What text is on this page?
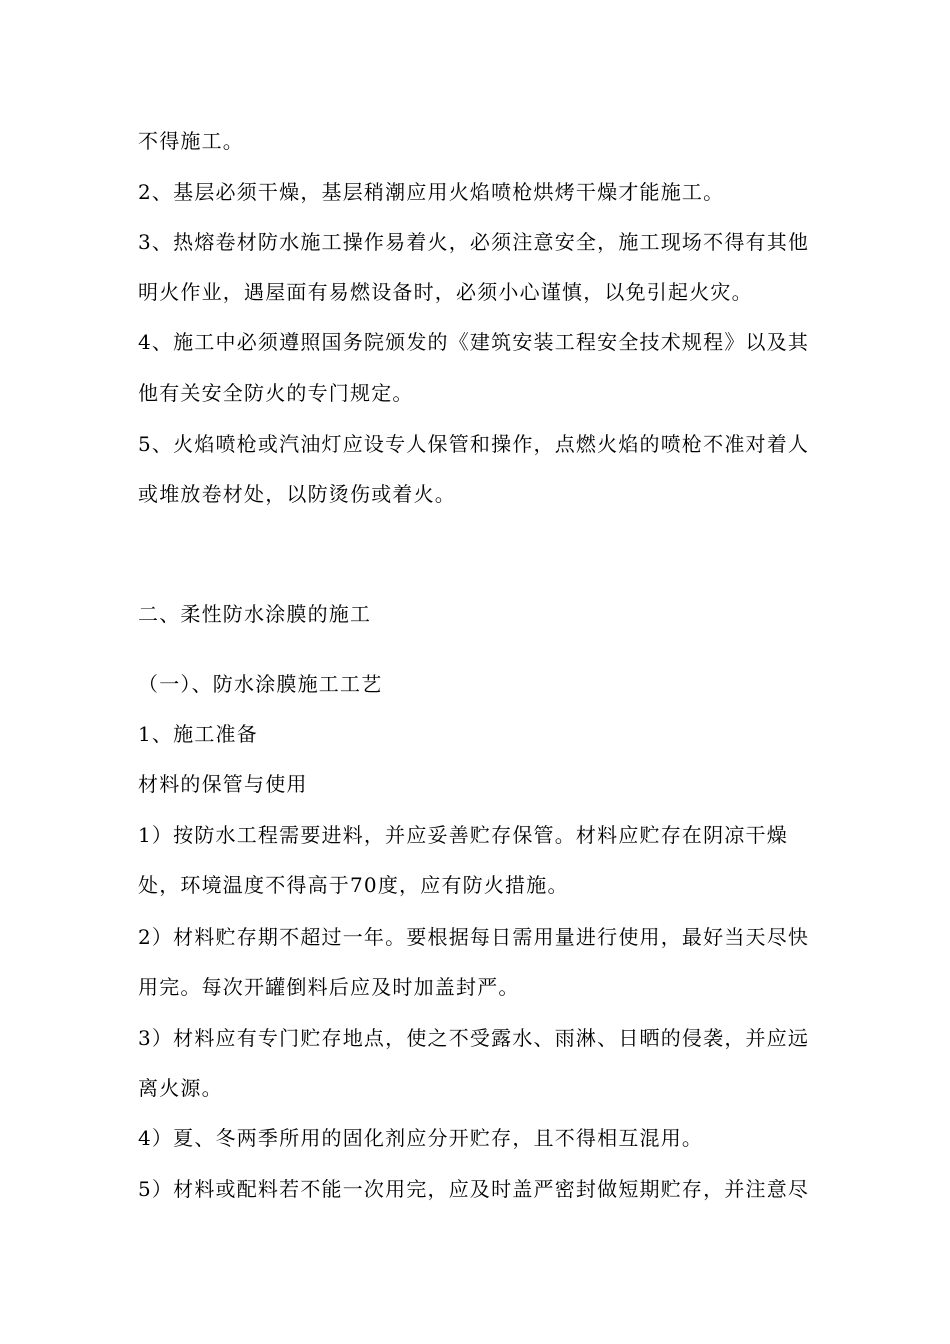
不得施工。
2、基层必须干燥，基层稍潮应用火焰喷枪烘烤干燥才能施工。
3、热熔卷材防水施工操作易着火，必须注意安全，施工现场不得有其他
明火作业，遇屋面有易燃设备时，必须小心谨慎，以免引起火灾。
4、施工中必须遵照国务院颁发的《建筑安装工程安全技术规程》以及其
他有关安全防火的专门规定。
5、火焰喷枪或汽油灯应设专人保管和操作，点燃火焰的喷枪不准对着人
或堆放卷材处，以防烫伤或着火。
二、柔性防水涂膜的施工
（一）、防水涂膜施工工艺
1、施工准备
材料的保管与使用
1）按防水工程需要进料，并应妥善贮存保管。材料应贮存在阴凉干燥
处，环境温度不得高于70度，应有防火措施。
2）材料贮存期不超过一年。要根据每日需用量进行使用，最好当天尽快
用完。每次开罐倒料后应及时加盖封严。
3）材料应有专门贮存地点，使之不受露水、雨淋、日晒的侵袭，并应远
离火源。
4）夏、冬两季所用的固化剂应分开贮存，且不得相互混用。
5）材料或配料若不能一次用完，应及时盖严密封做短期贮存，并注意尽
